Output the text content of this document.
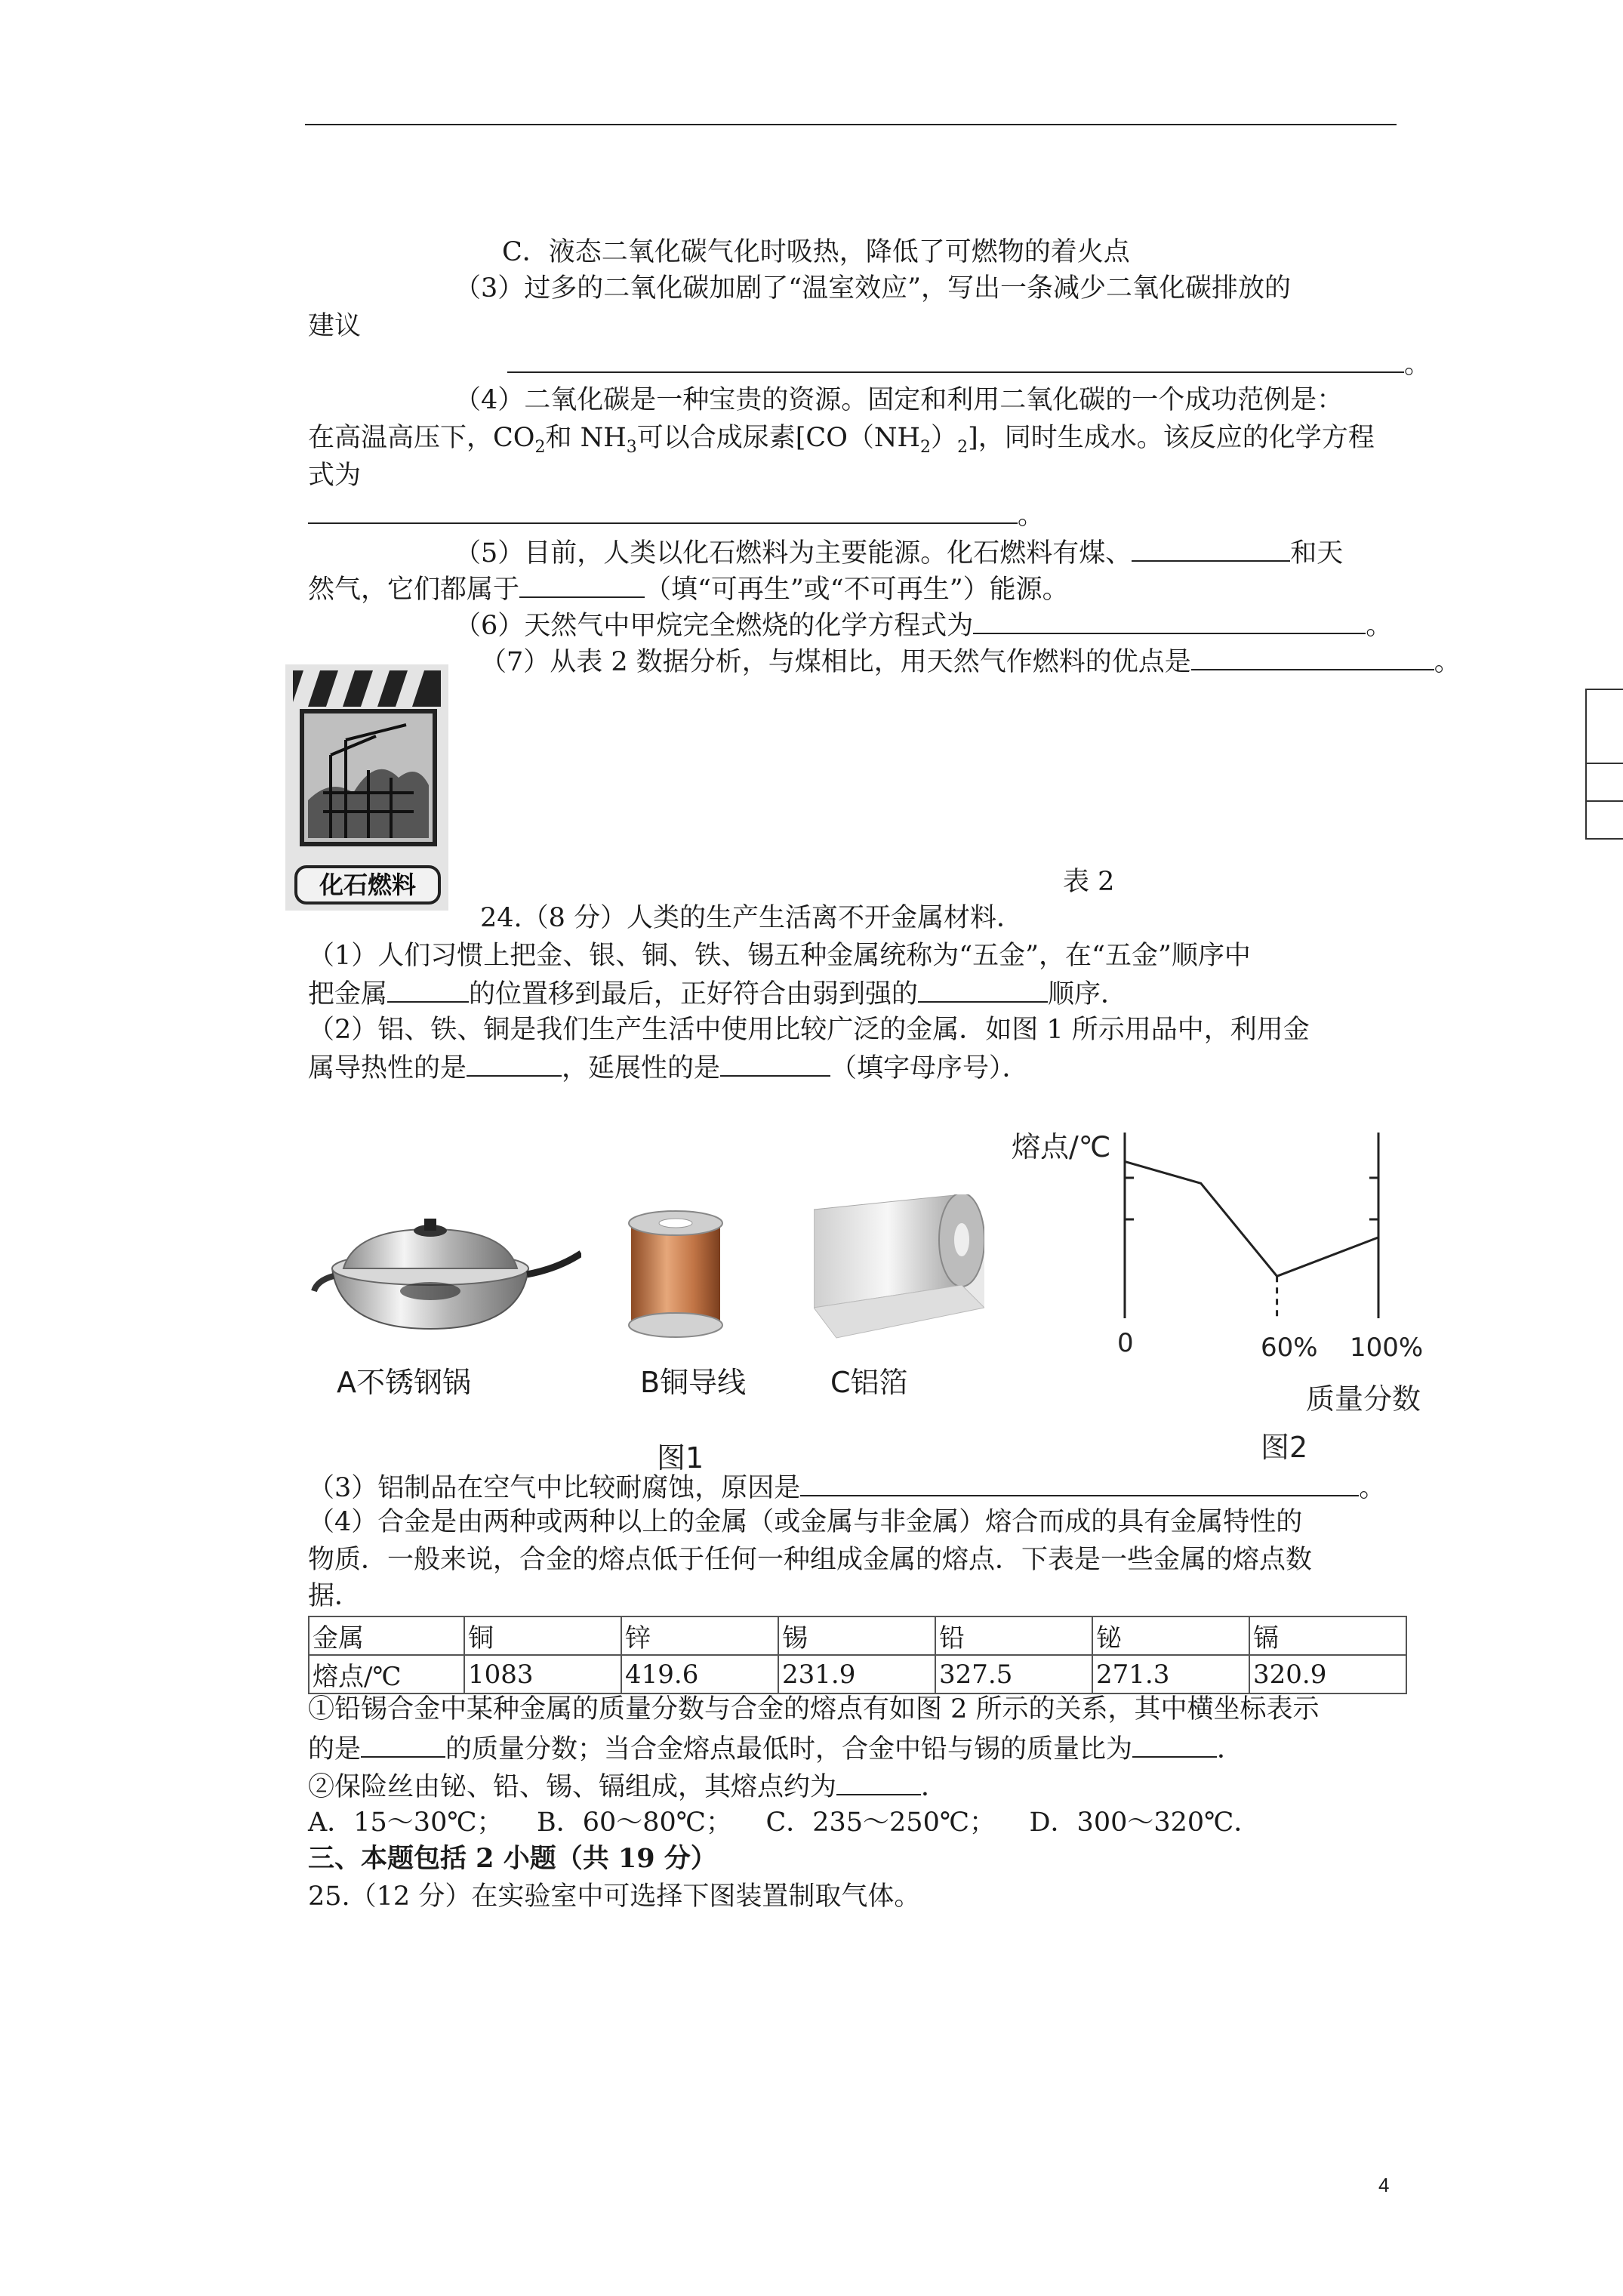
C．液态二氧化碳气化时吸热，降低了可燃物的着火点
（3）过多的二氧化碳加剧了“温室效应”，写出一条减少二氧化碳排放的
建议
。
（4）二氧化碳是一种宝贵的资源。固定和利用二氧化碳的一个成功范例是：
在高温高压下，$CO_2$和 $NH_3$可以合成尿素$[CO(NH_2)_2]$，同时生成水。该反应的化学方程
式为
。
（5）目前，人类以化石燃料为主要能源。化石燃料有煤、	和天
然气，它们都属于	（填“可再生”或“不可再生”）能源。
（6）天然气中甲烷完全燃烧的化学方程式为	。
（7）从表 2 数据分析，与煤相比，用天然气作燃料的优点是	。
化石燃料	表 2
24.（8 分）人类的生产生活离不开金属材料．
（1）人们习惯上把金、银、铜、铁、锡五种金属统称为“五金”，在“五金”顺序中
把金属	的位置移到最后，正好符合由弱到强的	顺序．
（2）铝、铁、铜是我们生产生活中使用比较广泛的金属．如图 1 所示用品中，利用金
属导热性的是	，延展性的是	（填字母序号）．
A不锈钢锅	B铜导线	C铝箔
图1
熔点/℃
0	60% 100%
质量分数
图2
（3）铝制品在空气中比较耐腐蚀，原因是	。
（4）合金是由两种或两种以上的金属（或金属与非金属）熔合而成的具有金属特性的
物质．一般来说，合金的熔点低于任何一种组成金属的熔点．下表是一些金属的熔点数
据．
金属	铜	锌	锡	铅	铋	镉
熔点/℃	1083	419.6	231.9	327.5	271.3	320.9
①铅锡合金中某种金属的质量分数与合金的熔点有如图 2 所示的关系，其中横坐标表示
的是	的质量分数；当合金熔点最低时，合金中铅与锡的质量比为	．
②保险丝由铋、铅、锡、镉组成，其熔点约为	．
A．15～30℃；    B．60～80℃；    C．235～250℃；    D．300～320℃．
三、本题包括 2 小题（共 19 分）
25.（12 分）在实验室中可选择下图装置制取气体。
4
